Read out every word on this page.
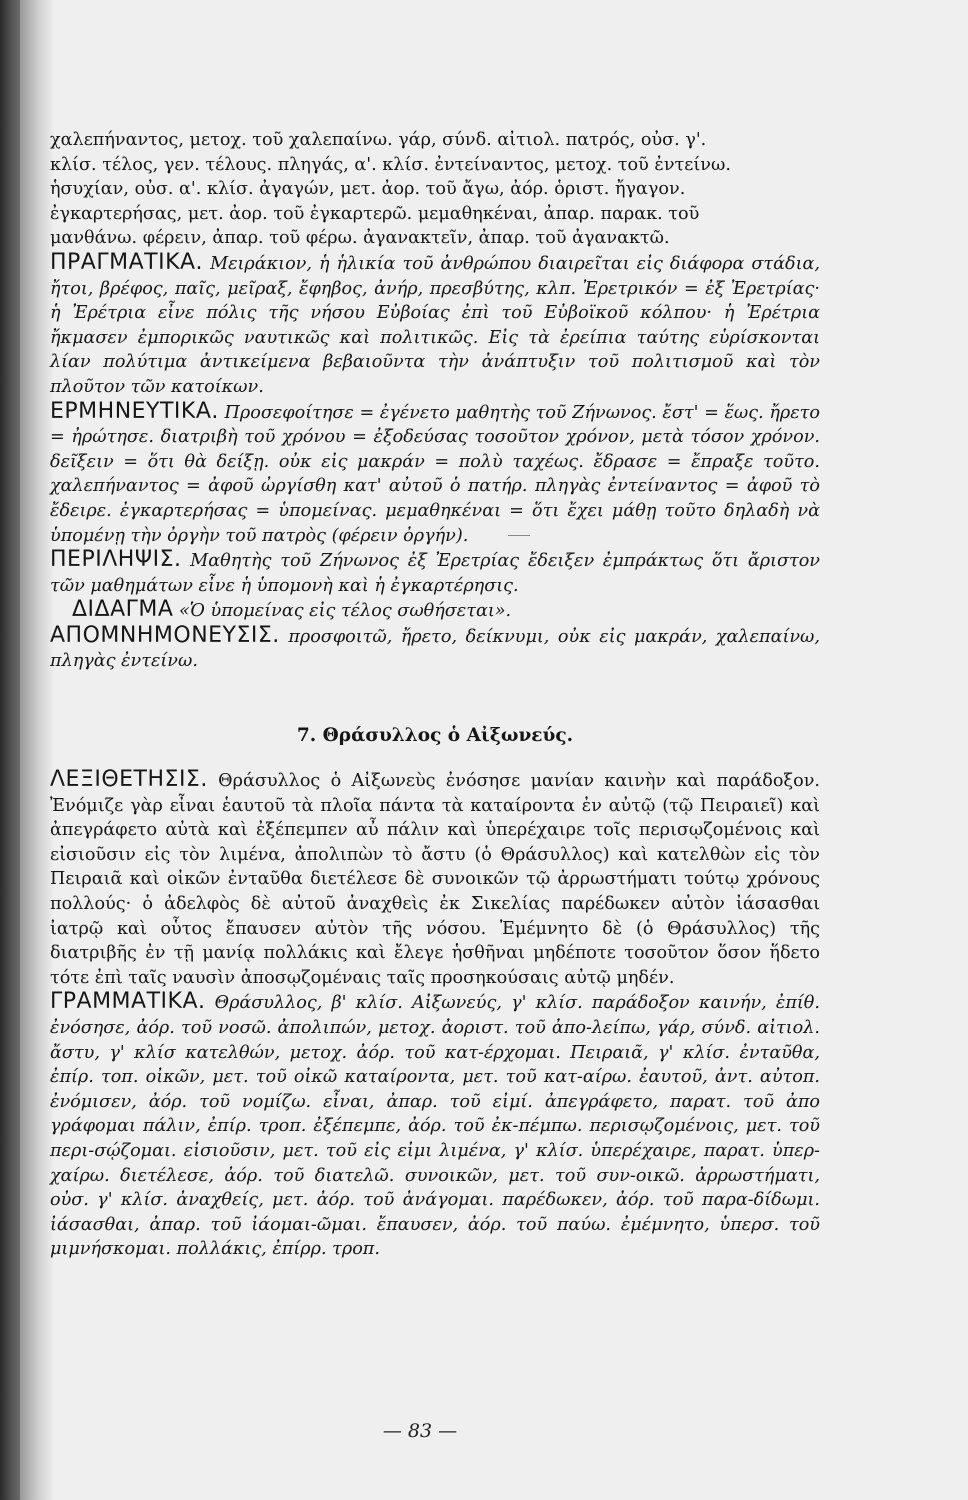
χαλεπήναντος, μετοχ. τοῦ χαλεπαίνω. γάρ, σύνδ. αἰτιολ. πατρός, οὐσ. γ'.

κλίσ. τέλος, γεν. τέλους. πληγάς, α'. κλίσ. ἐντείναντος, μετοχ. τοῦ ἐντείνω.

ἡσυχίαν, οὐσ. α'. κλίσ. ἀγαγών, μετ. ἀορ. τοῦ ἄγω, ἀόρ. ὁριστ. ἤγαγον.

ἐγκαρτερήσας, μετ. ἀορ. τοῦ ἐγκαρτερῶ. μεμαθηκέναι, ἀπαρ. παρακ. τοῦ

μανθάνω. φέρειν, ἀπαρ. τοῦ φέρω. ἀγανακτεῖν, ἀπαρ. τοῦ ἀγανακτῶ.

ΠΡΑΓΜΑΤΙΚΑ. Μειράκιον, ἡ ἡλικία τοῦ ἀνθρώπου διαιρεῖται εἰς διάφορα στάδια, ἤτοι, βρέφος, παῖς, μεῖραξ, ἔφηβος, ἀνήρ, πρεσβύτης, κλπ. Ἐρετρικόν = ἐξ Ἐρετρίας· ἡ Ἐρέτρια εἶνε πόλις τῆς νήσου Εὐβοίας ἐπὶ τοῦ Εὐβοϊκοῦ κόλπου· ἡ Ἐρέτρια ἤκμασεν ἐμπορικῶς ναυτικῶς καὶ πολιτικῶς. Εἰς τὰ ἐρείπια ταύτης εὑρίσκονται λίαν πολύτιμα ἀντικείμενα βεβαιοῦντα τὴν ἀνάπτυξιν τοῦ πολιτισμοῦ καὶ τὸν πλοῦτον τῶν κατοίκων.

ΕΡΜΗΝΕΥΤΙΚΑ. Προσεφοίτησε = ἐγένετο μαθητὴς τοῦ Ζήνωνος. ἔστ' = ἕως. ἤρετο = ἠρώτησε. διατριβὴ τοῦ χρόνου = ἐξοδεύσας τοσοῦτον χρόνον, μετὰ τόσον χρόνον. δεῖξειν = ὅτι θὰ δείξῃ. οὐκ εἰς μακράν = πολὺ ταχέως. ἔδρασε = ἔπραξε τοῦτο. χαλεπήναντος = ἀφοῦ ὠργίσθη κατ' αὐτοῦ ὁ πατήρ. πληγὰς ἐντείναντος = ἀφοῦ τὸ ἔδειρε. ἐγκαρτερήσας = ὑπομείνας. μεμαθηκέναι = ὅτι ἔχει μάθῃ τοῦτο δηλαδὴ νὰ ὑπομένῃ τὴν ὀργὴν τοῦ πατρὸς (φέρειν ὀργήν).

ΠΕΡΙΛΗΨΙΣ. Μαθητὴς τοῦ Ζήνωνος ἐξ Ἐρετρίας ἔδειξεν ἐμπράκτως ὅτι ἄριστον τῶν μαθημάτων εἶνε ἡ ὑπομονὴ καὶ ἡ ἐγκαρτέρησις.

ΔΙΔΑΓΜΑ «Ὁ ὑπομείνας εἰς τέλος σωθήσεται».

ΑΠΟΜΝΗΜΟΝΕΥΣΙΣ. προσφοιτῶ, ἤρετο, δείκνυμι, οὐκ εἰς μακράν, χαλεπαίνω, πληγὰς ἐντείνω.

7. Θράσυλλος ὁ Αἰξωνεύς.

ΛΕΞΙΘΕΤΗΣΙΣ. Θράσυλλος ὁ Αἰξωνεὺς ἐνόσησε μανίαν καινὴν καὶ παράδοξον. Ἐνόμιζε γὰρ εἶναι ἑαυτοῦ τὰ πλοῖα πάντα τὰ καταίροντα ἐν αὐτῷ (τῷ Πειραιεῖ) καὶ ἀπεγράφετο αὐτὰ καὶ ἐξέπεμπεν αὖ πάλιν καὶ ὑπερέχαιρε τοῖς περισῳζομένοις καὶ εἰσιοῦσιν εἰς τὸν λιμένα, ἀπολιπὼν τὸ ἄστυ (ὁ Θράσυλλος) καὶ κατελθὼν εἰς τὸν Πειραιᾶ καὶ οἰκῶν ἐνταῦθα διετέλεσε δὲ συνοικῶν τῷ ἀρρωστήματι τούτῳ χρόνους πολλούς· ὁ ἀδελφὸς δὲ αὐτοῦ ἀναχθεὶς ἐκ Σικελίας παρέδωκεν αὐτὸν ἰάσασθαι ἰατρῷ καὶ οὗτος ἔπαυσεν αὐτὸν τῆς νόσου. Ἐμέμνητο δὲ (ὁ Θράσυλλος) τῆς διατριβῆς ἐν τῇ μανίᾳ πολλάκις καὶ ἔλεγε ἡσθῆναι μηδέποτε τοσοῦτον ὅσον ἥδετο τότε ἐπὶ ταῖς ναυσὶν ἀποσῳζομέναις ταῖς προσηκούσαις αὐτῷ μηδέν.

ΓΡΑΜΜΑΤΙΚΑ. Θράσυλλος, β' κλίσ. Αἰξωνεύς, γ' κλίσ. παράδοξον καινήν, ἐπίθ. ἐνόσησε, ἀόρ. τοῦ νοσῶ. ἀπολιπών, μετοχ. ἀοριστ. τοῦ ἀπο-λείπω, γάρ, σύνδ. αἰτιολ. ἄστυ, γ' κλίσ κατελθών, μετοχ. ἀόρ. τοῦ κατ-έρχομαι. Πειραιᾶ, γ' κλίσ. ἐνταῦθα, ἐπίρ. τοπ. οἰκῶν, μετ. τοῦ οἰκῶ καταίροντα, μετ. τοῦ κατ-αίρω. ἑαυτοῦ, ἀντ. αὐτοπ. ἐνόμισεν, ἀόρ. τοῦ νομίζω. εἶναι, ἀπαρ. τοῦ εἰμί. ἀπεγράφετο, παρατ. τοῦ ἀπο γράφομαι πάλιν, ἐπίρ. τροπ. ἐξέπεμπε, ἀόρ. τοῦ ἐκ-πέμπω. περισῳζομένοις, μετ. τοῦ περι-σῴζομαι. εἰσιοῦσιν, μετ. τοῦ εἰς εἰμι λιμένα, γ' κλίσ. ὑπερέχαιρε, παρατ. ὑπερ-χαίρω. διετέλεσε, ἀόρ. τοῦ διατελῶ. συνοικῶν, μετ. τοῦ συν-οικῶ. ἀρρωστήματι, οὐσ. γ' κλίσ. ἀναχθείς, μετ. ἀόρ. τοῦ ἀνάγομαι. παρέδωκεν, ἀόρ. τοῦ παρα-δίδωμι. ἰάσασθαι, ἀπαρ. τοῦ ἰάομαι-ῶμαι. ἔπαυσεν, ἀόρ. τοῦ παύω. ἐμέμνητο, ὑπερσ. τοῦ μιμνήσκομαι. πολλάκις, ἐπίρρ. τροπ.

— 83 —
